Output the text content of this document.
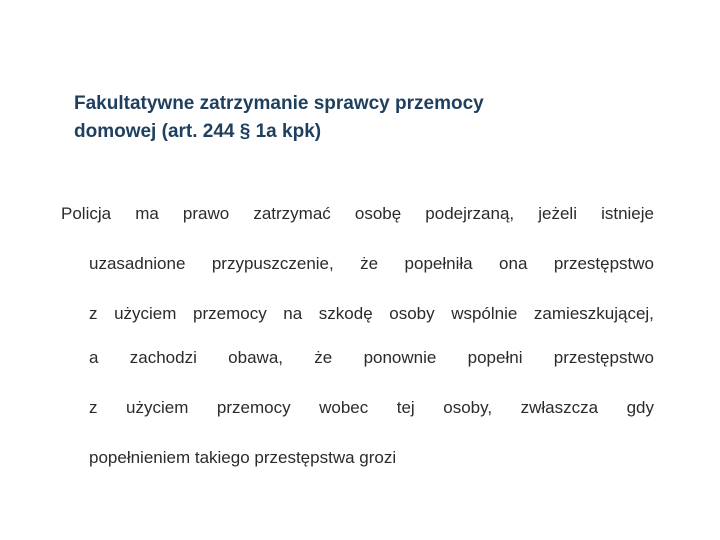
Fakultatywne zatrzymanie sprawcy przemocy
domowej (art. 244 § 1a kpk)
Policja ma prawo zatrzymać osobę podejrzaną, jeżeli istnieje
uzasadnione przypuszczenie, że popełniła ona przestępstwo
z użyciem przemocy na szkodę osoby wspólnie zamieszkującej,
a zachodzi obawa, że ponownie popełni przestępstwo
z użyciem przemocy wobec tej osoby, zwłaszcza gdy
popełnieniem takiego przestępstwa grozi
